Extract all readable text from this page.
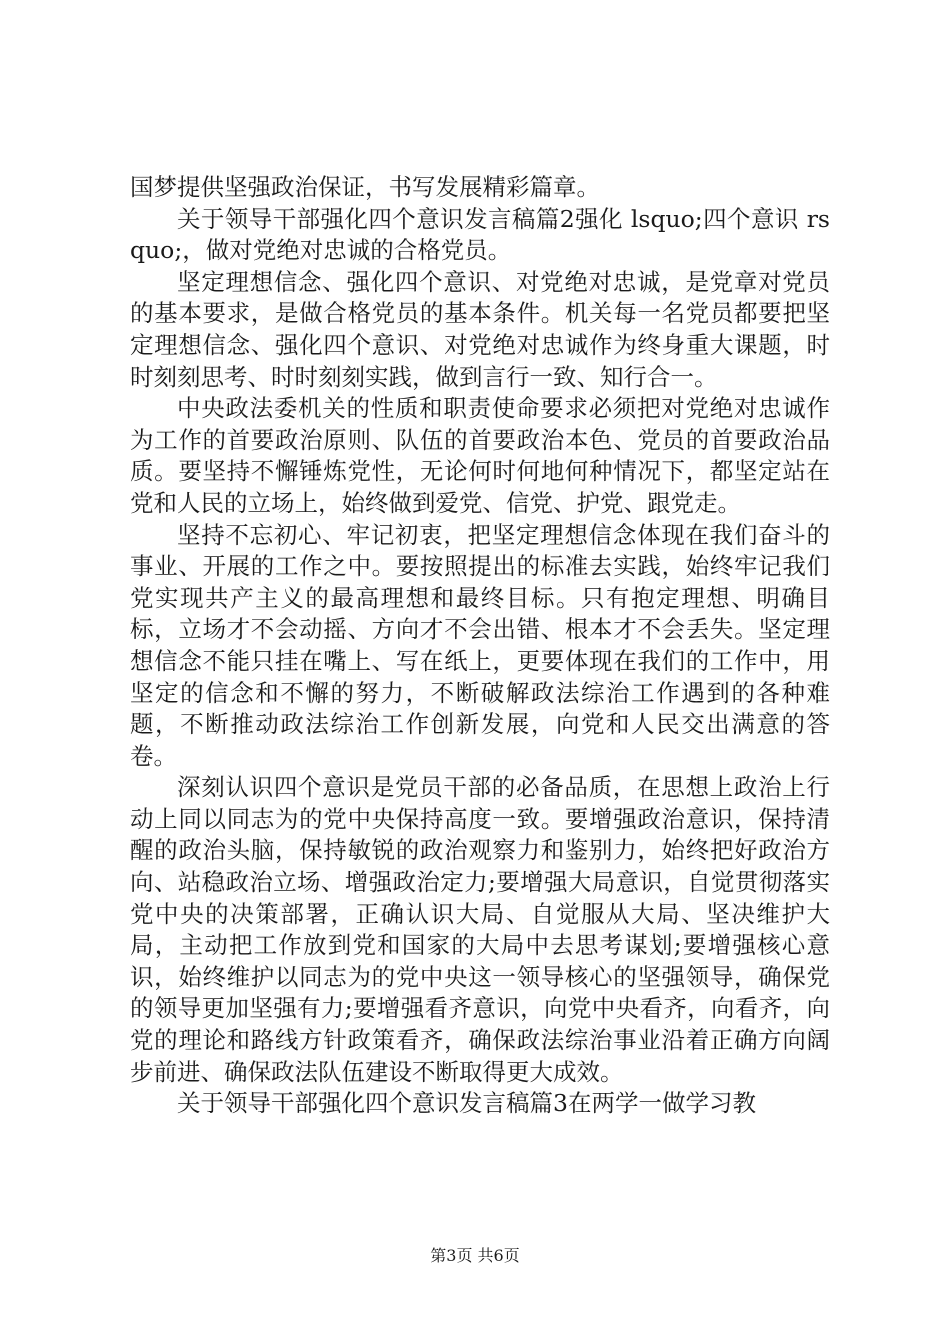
国梦提供坚强政治保证，书写发展精彩篇章。

关于领导干部强化四个意识发言稿篇2强化 lsquo;四个意识 rsquo;，做对党绝对忠诚的合格党员。

坚定理想信念、强化四个意识、对党绝对忠诚，是党章对党员的基本要求，是做合格党员的基本条件。机关每一名党员都要把坚定理想信念、强化四个意识、对党绝对忠诚作为终身重大课题，时时刻刻思考、时时刻刻实践，做到言行一致、知行合一。

中央政法委机关的性质和职责使命要求必须把对党绝对忠诚作为工作的首要政治原则、队伍的首要政治本色、党员的首要政治品质。要坚持不懈锤炼党性，无论何时何地何种情况下，都坚定站在党和人民的立场上，始终做到爱党、信党、护党、跟党走。

坚持不忘初心、牢记初衷，把坚定理想信念体现在我们奋斗的事业、开展的工作之中。要按照提出的标准去实践，始终牢记我们党实现共产主义的最高理想和最终目标。只有抱定理想、明确目标，立场才不会动摇、方向才不会出错、根本才不会丢失。坚定理想信念不能只挂在嘴上、写在纸上，更要体现在我们的工作中，用坚定的信念和不懈的努力，不断破解政法综治工作遇到的各种难题，不断推动政法综治工作创新发展，向党和人民交出满意的答卷。

深刻认识四个意识是党员干部的必备品质，在思想上政治上行动上同以同志为的党中央保持高度一致。要增强政治意识，保持清醒的政治头脑，保持敏锐的政治观察力和鉴别力，始终把好政治方向、站稳政治立场、增强政治定力;要增强大局意识，自觉贯彻落实党中央的决策部署，正确认识大局、自觉服从大局、坚决维护大局，主动把工作放到党和国家的大局中去思考谋划;要增强核心意识，始终维护以同志为的党中央这一领导核心的坚强领导，确保党的领导更加坚强有力;要增强看齐意识，向党中央看齐，向看齐，向党的理论和路线方针政策看齐，确保政法综治事业沿着正确方向阔步前进、确保政法队伍建设不断取得更大成效。

关于领导干部强化四个意识发言稿篇3在两学一做学习教

第3页 共6页
